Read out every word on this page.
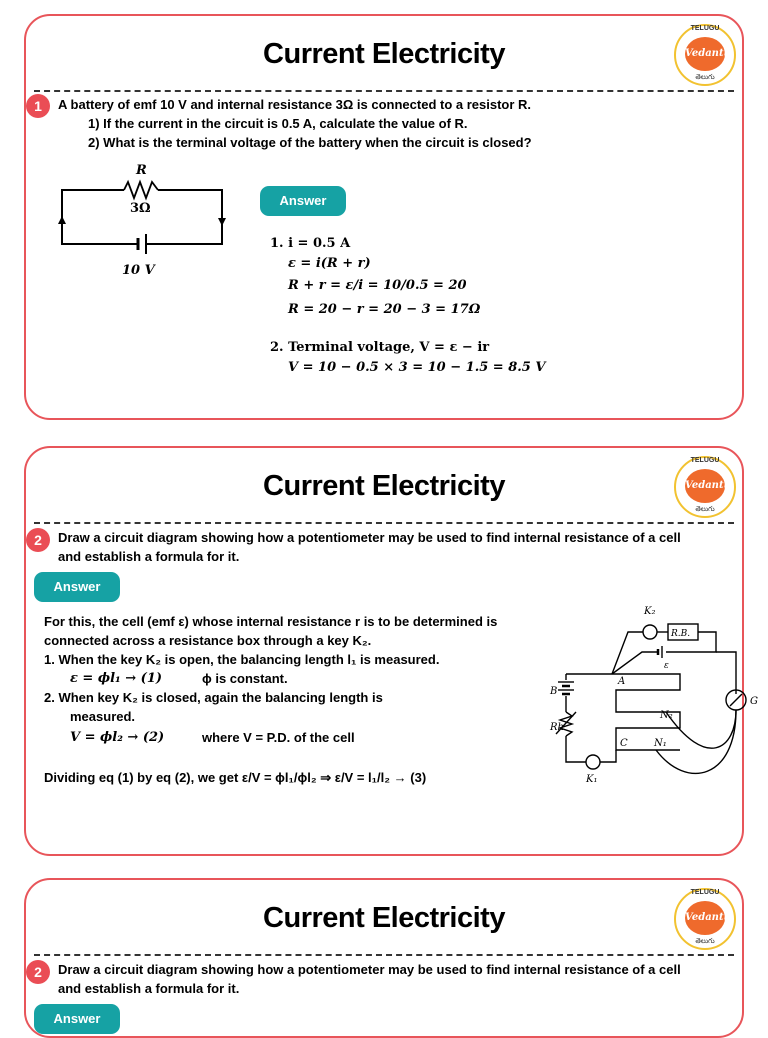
Current Electricity
TELUGU
Vedantu
తెలుగు
1	A battery of emf 10 V and internal resistance 3Ω is connected to a resistor R.
1) If the current in the circuit is 0.5 A, calculate the value of R.
2) What is the terminal voltage of the battery when the circuit is closed?
R
3Ω
10 V
Answer
1. i = 0.5 A
ε = i(R + r)
R + r = ε/i = 10/0.5 = 20
R = 20 − r = 20 − 3 = 17Ω
2. Terminal voltage, V = ε − ir
V = 10 − 0.5 × 3 = 10 − 1.5 = 8.5 V
Current Electricity
TELUGU
Vedantu
తెలుగు
2	Draw a circuit diagram showing how a potentiometer may be used to find internal resistance of a cell
and establish a formula for it.
Answer
For this, the cell (emf ε) whose internal resistance r is to be determined is
connected across a resistance box through a key K₂.
1. When the key K₂ is open, the balancing length l₁ is measured.
ε = ϕl₁ → (1)	ϕ is constant.
2. When key K₂ is closed, again the balancing length is
measured.
V = ϕl₂ → (2)	where V = P.D. of the cell
Dividing eq (1) by eq (2), we get ε/V = ϕl₁/ϕl₂ ⇒ ε/V = l₁/l₂ → (3)
K₂
R.B.
ε
A
B
Rh
K₁
C
G
N₂
N₁
Current Electricity
TELUGU
Vedantu
తెలుగు
2	Draw a circuit diagram showing how a potentiometer may be used to find internal resistance of a cell
and establish a formula for it.
Answer
